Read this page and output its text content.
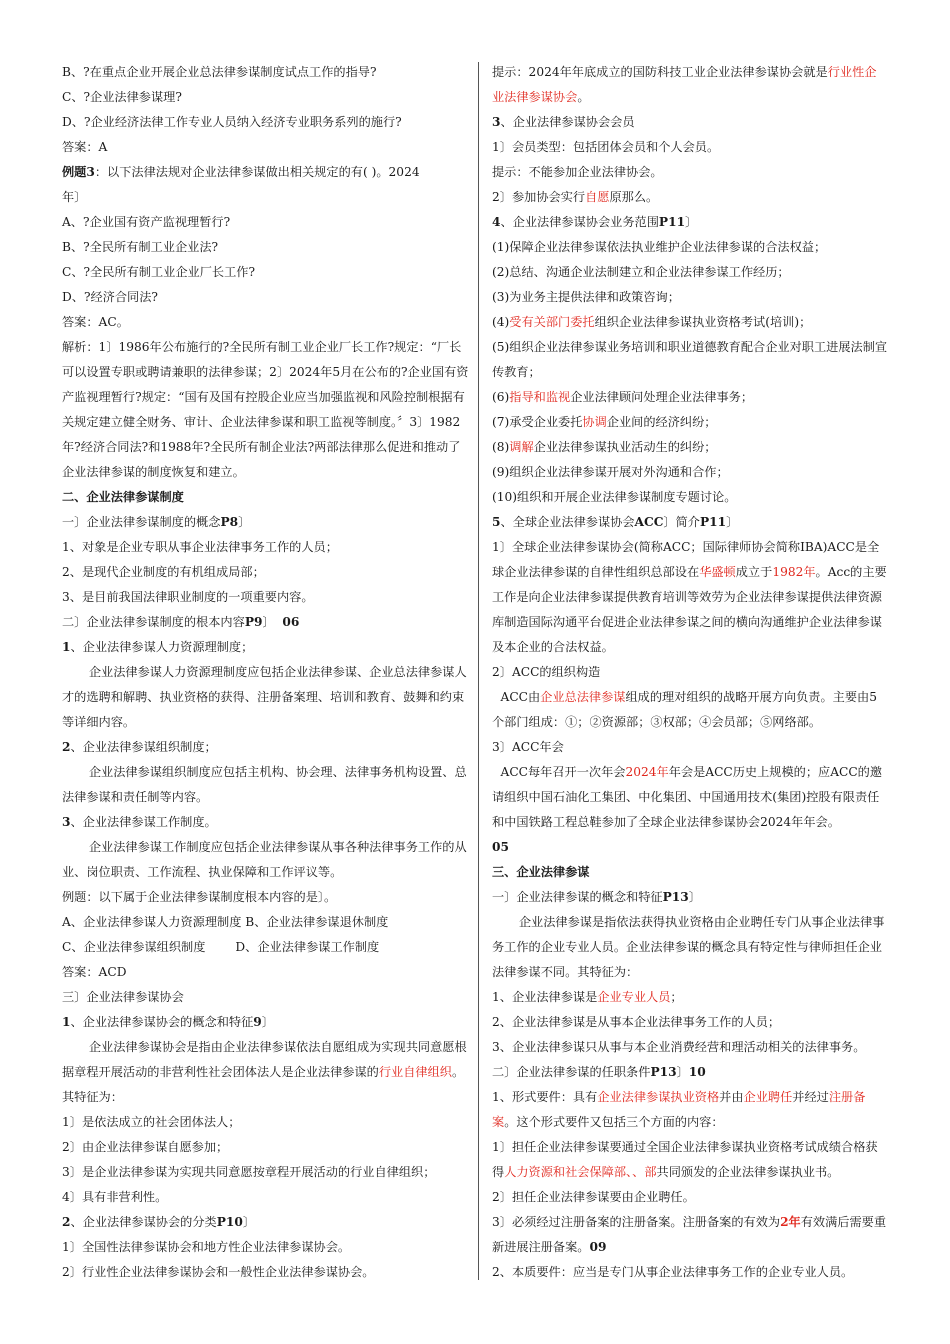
B、?在重点企业开展企业总法律参谋制度试点工作的指导?

C、?企业法律参谋理?

D、?企业经济法律工作专业人员纳入经济专业职务系列的施行?

答案：A

例题3：以下法律法规对企业法律参谋做出相关规定的有( )。2024

年〕

A、?企业国有资产监视理暂行?

B、?全民所有制工业企业法?

C、?全民所有制工业企业厂长工作?

D、?经济合同法?

答案：AC。

解析：1〕1986年公布施行的?全民所有制工业企业厂长工作?规定：“厂长可以设置专职或聘请兼职的法律参谋；2〕2024年5月在公布的?企业国有资产监视理暂行?规定：“国有及国有控股企业应当加强监视和风险控制根据有关规定建立健全财务、审计、企业法律参谋和职工监视等制度。〞3〕1982年?经济合同法?和1988年?全民所有制企业法?两部法律那么促进和推动了企业法律参谋的制度恢复和建立。

二、企业法律参谋制度

一〕企业法律参谋制度的概念P8〕

1、对象是企业专职从事企业法律事务工作的人员；

2、是现代企业制度的有机组成局部；

3、是目前我国法律职业制度的一项重要内容。

二〕企业法律参谋制度的根本内容P9〕 06

1、企业法律参谋人力资源理制度；

企业法律参谋人力资源理制度应包括企业法律参谋、企业总法律参谋人才的选聘和解聘、执业资格的获得、注册备案理、培训和教育、鼓舞和约束等详细内容。

2、企业法律参谋组织制度；

企业法律参谋组织制度应包括主机构、协会理、法律事务机构设置、总法律参谋和责任制等内容。

3、企业法律参谋工作制度。

企业法律参谋工作制度应包括企业法律参谋从事各种法律事务工作的从业、岗位职责、工作流程、执业保障和工作评议等。

例题：以下属于企业法律参谋制度根本内容的是〕。

A、企业法律参谋人力资源理制度 B、企业法律参谋退休制度

C、企业法律参谋组织制度 D、企业法律参谋工作制度

答案：ACD

三〕企业法律参谋协会

1、企业法律参谋协会的概念和特征9〕

企业法律参谋协会是指由企业法律参谋依法自愿组成为实现共同意愿根据章程开展活动的非营利性社会团体法人是企业法律参谋的行业自律组织。其特征为：

1〕是依法成立的社会团体法人；

2〕由企业法律参谋自愿参加；

3〕是企业法律参谋为实现共同意愿按章程开展活动的行业自律组织；

4〕具有非营利性。

2、企业法律参谋协会的分类P10〕

1〕全国性法律参谋协会和地方性企业法律参谋协会。

2〕行业性企业法律参谋协会和一般性企业法律参谋协会。

提示：2024年年底成立的国防科技工业企业法律参谋协会就是行业性企业法律参谋协会。

3、企业法律参谋协会会员

1〕会员类型：包括团体会员和个人会员。

提示：不能参加企业法律协会。

2〕参加协会实行自愿原那么。

4、企业法律参谋协会业务范围P11〕

(1)保障企业法律参谋依法执业维护企业法律参谋的合法权益；

(2)总结、沟通企业法制建立和企业法律参谋工作经历；

(3)为业务主提供法律和政策咨询；

(4)受有关部门委托组织企业法律参谋执业资格考试(培训)；

(5)组织企业法律参谋业务培训和职业道德教育配合企业对职工进展法制宣传教育；

(6)指导和监视企业法律顾问处理企业法律事务；

(7)承受企业委托协调企业间的经济纠纷；

(8)调解企业法律参谋执业活动生的纠纷；

(9)组织企业法律参谋开展对外沟通和合作；

(10)组织和开展企业法律参谋制度专题讨论。

5、全球企业法律参谋协会ACC〕简介P11〕

1〕全球企业法律参谋协会(简称ACC；国际律师协会简称IBA)ACC是全球企业法律参谋的自律性组织总部设在华盛顿成立于1982年。Acc的主要工作是向企业法律参谋提供教育培训等效劳为企业法律参谋提供法律资源库制造国际沟通平台促进企业法律参谋之间的横向沟通维护企业法律参谋及本企业的合法权益。

2〕ACC的组织构造

ACC由企业总法律参谋组成的理对组织的战略开展方向负责。主要由5个部门组成：①；②资源部；③权部；④会员部；⑤网络部。

3〕ACC年会

ACC每年召开一次年会2024年年会是ACC历史上规模的；应ACC的邀请组织中国石油化工集团、中化集团、中国通用技术(集团)控股有限责任和中国铁路工程总鞋参加了全球企业法律参谋协会2024年年会。

05

三、企业法律参谋

一〕企业法律参谋的概念和特征P13〕

企业法律参谋是指依法获得执业资格由企业聘任专门从事企业法律事务工作的企业专业人员。企业法律参谋的概念具有特定性与律师担任企业法律参谋不同。其特征为：

1、企业法律参谋是企业专业人员；

2、企业法律参谋是从事本企业法律事务工作的人员；

3、企业法律参谋只从事与本企业消费经营和理活动相关的法律事务。

二〕企业法律参谋的任职条件P13〕10

1、形式要件：具有企业法律参谋执业资格并由企业聘任并经过注册备案。这个形式要件又包括三个方面的内容：

1〕担任企业法律参谋要通过全国企业法律参谋执业资格考试成绩合格获得人力资源和社会保障部、、部共同颁发的企业法律参谋执业书。

2〕担任企业法律参谋要由企业聘任。

3〕必须经过注册备案的注册备案。注册备案的有效为2年有效满后需要重新进展注册备案。09

2、本质要件：应当是专门从事企业法律事务工作的企业专业人员。
